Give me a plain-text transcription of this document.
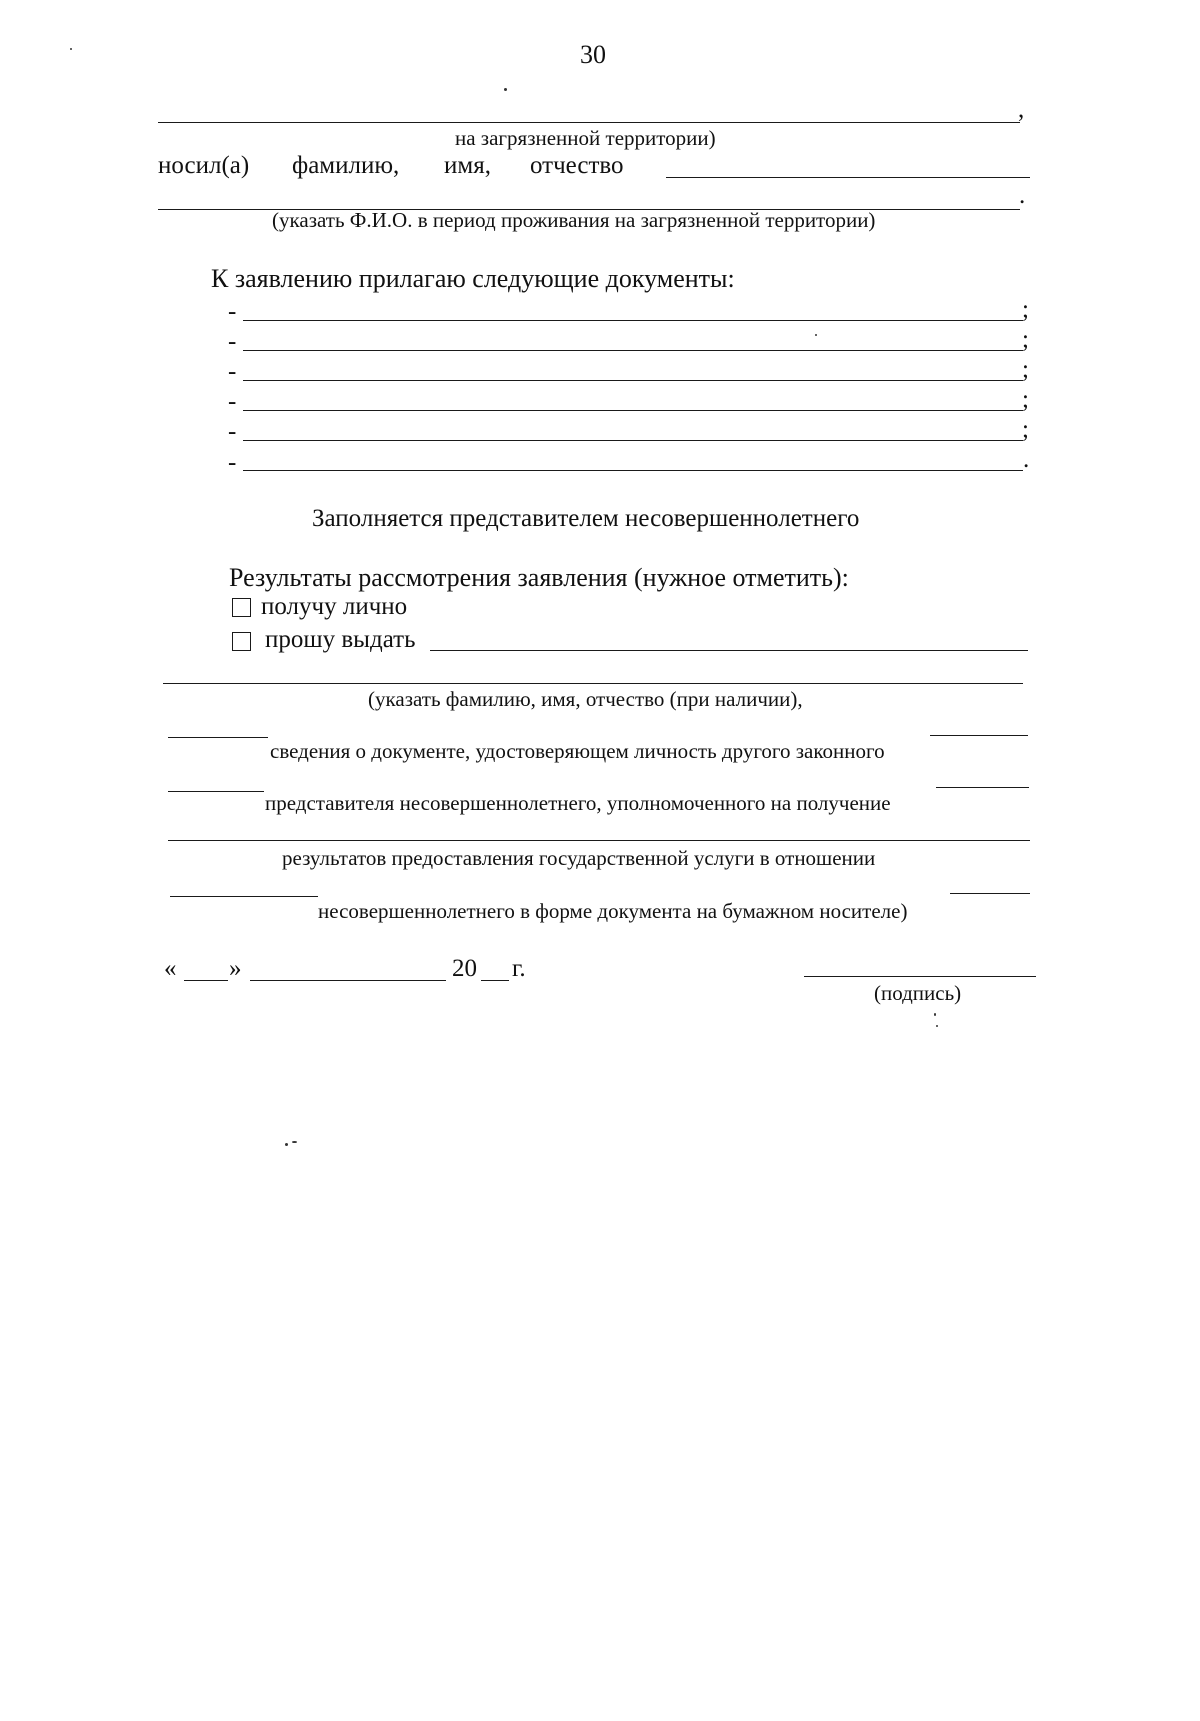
30
,
на загрязненной территории)
носил(а) фамилию, имя, отчество
.
(указать Ф.И.О. в период проживания на загрязненной территории)
К заявлению прилагаю следующие документы:
-	;
-	;
-	;
-	;
-	;
-	.
Заполняется представителем несовершеннолетнего
Результаты рассмотрения заявления (нужное отметить):
получу лично
прошу выдать
(указать фамилию, имя, отчество (при наличии),
сведения о документе, удостоверяющем личность другого законного
представителя несовершеннолетнего, уполномоченного на получение
результатов предоставления государственной услуги в отношении
несовершеннолетнего в форме документа на бумажном носителе)
« »	20 г.
(подпись)
